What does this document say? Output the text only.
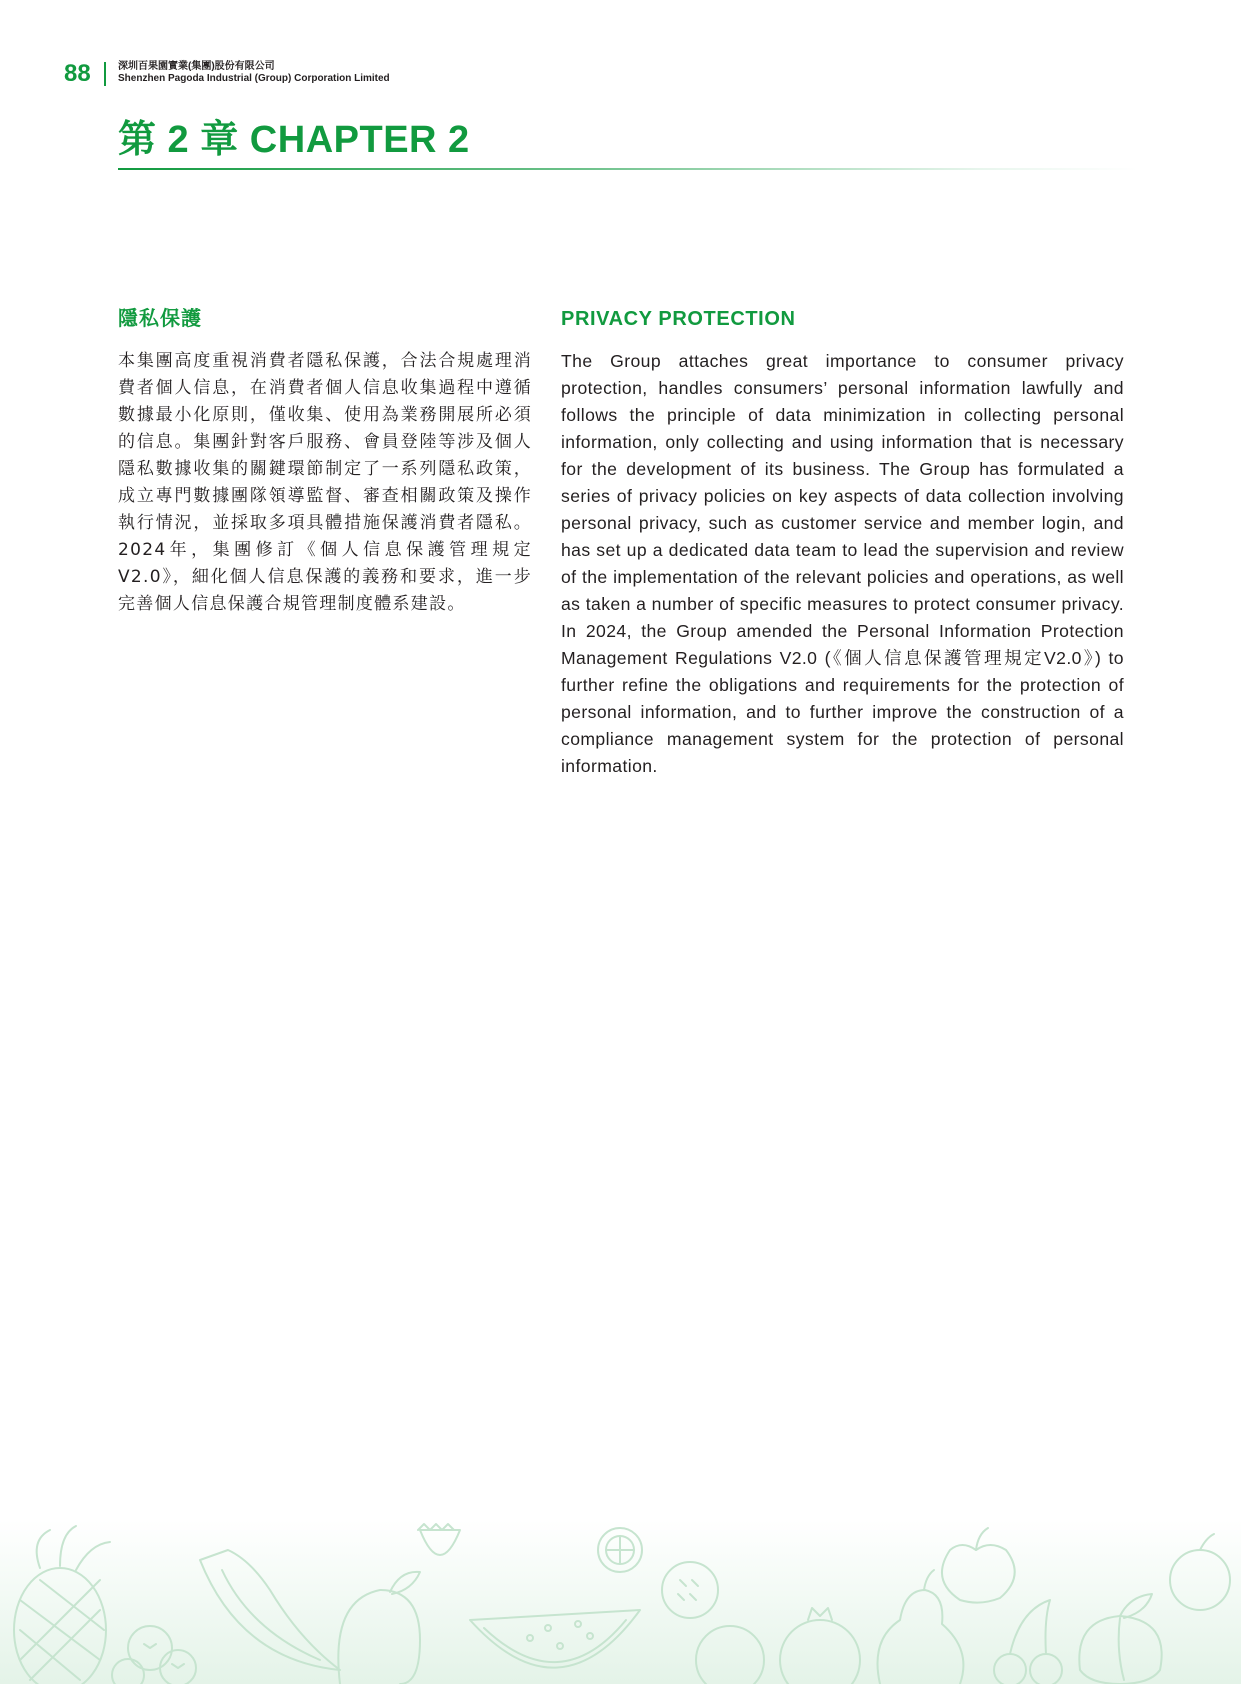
88	深圳百果園實業(集團)股份有限公司
Shenzhen Pagoda Industrial (Group) Corporation Limited
第 2 章 CHAPTER 2
隱私保護

本集團高度重視消費者隱私保護，合法合規處理消費者個人信息，在消費者個人信息收集過程中遵循數據最小化原則，僅收集、使用為業務開展所必須的信息。集團針對客戶服務、會員登陸等涉及個人隱私數據收集的關鍵環節制定了一系列隱私政策，成立專門數據團隊領導監督、審查相關政策及操作執行情況，並採取多項具體措施保護消費者隱私。2024年，集團修訂《個人信息保護管理規定V2.0》，細化個人信息保護的義務和要求，進一步完善個人信息保護合規管理制度體系建設。

PRIVACY PROTECTION

The Group attaches great importance to consumer privacy protection, handles consumers’ personal information lawfully and follows the principle of data minimization in collecting personal information, only collecting and using information that is necessary for the development of its business. The Group has formulated a series of privacy policies on key aspects of data collection involving personal privacy, such as customer service and member login, and has set up a dedicated data team to lead the supervision and review of the implementation of the relevant policies and operations, as well as taken a number of specific measures to protect consumer privacy. In 2024, the Group amended the Personal Information Protection Management Regulations V2.0 (《個人信息保護管理規定V2.0》) to further refine the obligations and requirements for the protection of personal information, and to further improve the construction of a compliance management system for the protection of personal information.
